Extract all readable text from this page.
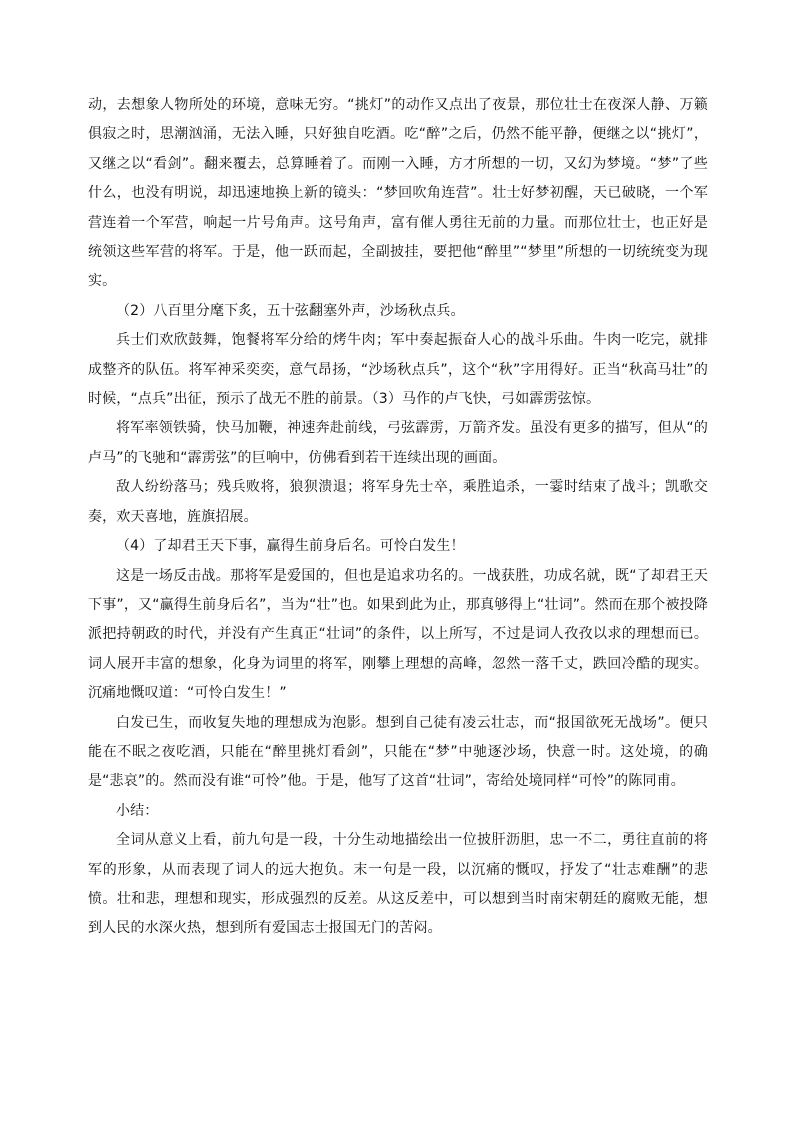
动，去想象人物所处的环境，意味无穷。“挑灯”的动作又点出了夜景，那位壮士在夜深人静、万籁俱寂之时，思潮汹涌，无法入睡，只好独自吃酒。吃“醉”之后，仍然不能平静，便继之以“挑灯”，又继之以“看剑”。翻来覆去，总算睡着了。而刚一入睡，方才所想的一切，又幻为梦境。“梦”了些什么，也没有明说，却迅速地换上新的镜头：“梦回吹角连营”。壮士好梦初醒，天已破晓，一个军营连着一个军营，响起一片号角声。这号角声，富有催人勇往无前的力量。而那位壮士，也正好是统领这些军营的将军。于是，他一跃而起，全副披挂，要把他“醉里”“梦里”所想的一切统统变为现实。

（2）八百里分麾下炙，五十弦翻塞外声，沙场秋点兵。

兵士们欢欣鼓舞，饱餐将军分给的烤牛肉；军中奏起振奋人心的战斗乐曲。牛肉一吃完，就排成整齐的队伍。将军神采奕奕，意气昂扬，“沙场秋点兵”，这个“秋”字用得好。正当“秋高马壮”的时候，“点兵”出征，预示了战无不胜的前景。（3）马作的卢飞快，弓如霹雳弦惊。

将军率领铁骑，快马加鞭，神速奔赴前线，弓弦霹雳，万箭齐发。虽没有更多的描写，但从“的卢马”的飞驰和“霹雳弦”的巨响中，仿佛看到若干连续出现的画面。

敌人纷纷落马；残兵败将，狼狈溃退；将军身先士卒，乘胜追杀，一霎时结束了战斗；凯歌交奏，欢天喜地，旌旗招展。

（4）了却君王天下事，赢得生前身后名。可怜白发生！

这是一场反击战。那将军是爱国的，但也是追求功名的。一战获胜，功成名就，既“了却君王天下事”，又“赢得生前身后名”，当为“壮”也。如果到此为止，那真够得上“壮词”。然而在那个被投降派把持朝政的时代，并没有产生真正“壮词”的条件，以上所写，不过是词人孜孜以求的理想而已。词人展开丰富的想象，化身为词里的将军，刚攀上理想的高峰，忽然一落千丈，跌回冷酷的现实。沉痛地慨叹道：“可怜白发生！”

白发已生，而收复失地的理想成为泡影。想到自己徒有凌云壮志，而“报国欲死无战场”。便只能在不眠之夜吃酒，只能在“醉里挑灯看剑”，只能在“梦”中驰逐沙场，快意一时。这处境，的确是“悲哀”的。然而没有谁“可怜”他。于是，他写了这首“壮词”，寄给处境同样“可怜”的陈同甫。

小结：

全词从意义上看，前九句是一段，十分生动地描绘出一位披肝沥胆，忠一不二，勇往直前的将军的形象，从而表现了词人的远大抱负。末一句是一段，以沉痛的慨叹，抒发了“壮志难酬”的悲愤。壮和悲，理想和现实，形成强烈的反差。从这反差中，可以想到当时南宋朝廷的腐败无能，想到人民的水深火热，想到所有爱国志士报国无门的苦闷。
